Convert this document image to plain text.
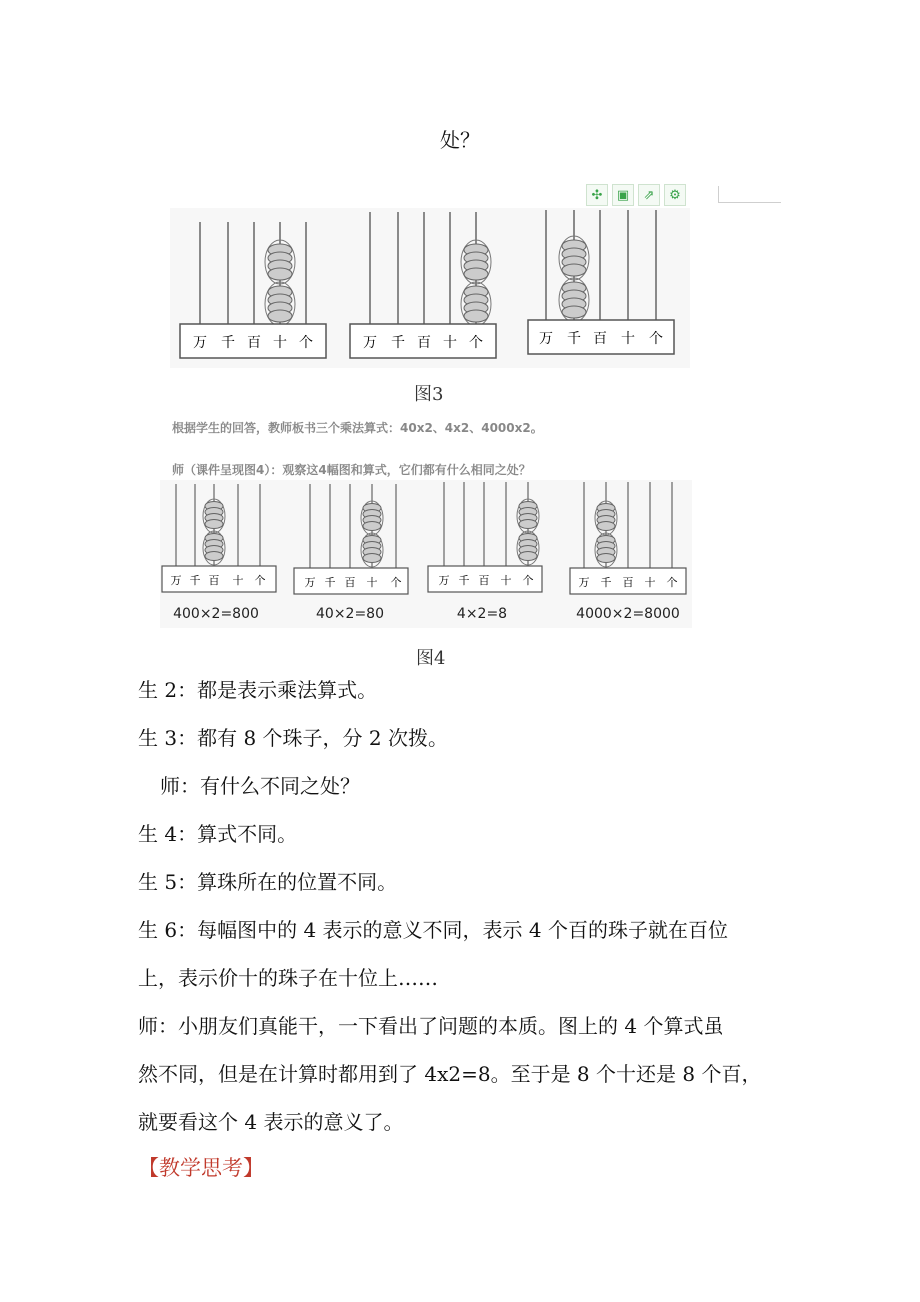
处？
✣	▣	⇗	⚙
万 千 百 十 个	万 千 百 十 个	万 千 百 十 个
图3
根据学生的回答，教师板书三个乘法算式：40x2、4x2、4000x2。
师（课件呈现图4）：观察这4幅图和算式，它们都有什么相同之处？
万 千 百 十 个
400×2=800
万 千 百 十 个
40×2=80
万 千 百 十 个
4×2=8
万 千 百 十 个
4000×2=8000
图4
生 2：都是表示乘法算式。
生 3：都有 8 个珠子，分 2 次拨。
师：有什么不同之处？
生 4：算式不同。
生 5：算珠所在的位置不同。
生 6：每幅图中的 4 表示的意义不同，表示 4 个百的珠子就在百位
上，表示价十的珠子在十位上……
师：小朋友们真能干，一下看出了问题的本质。图上的 4 个算式虽
然不同，但是在计算时都用到了 4x2=8。至于是 8 个十还是 8 个百，
就要看这个 4 表示的意义了。
【教学思考】
